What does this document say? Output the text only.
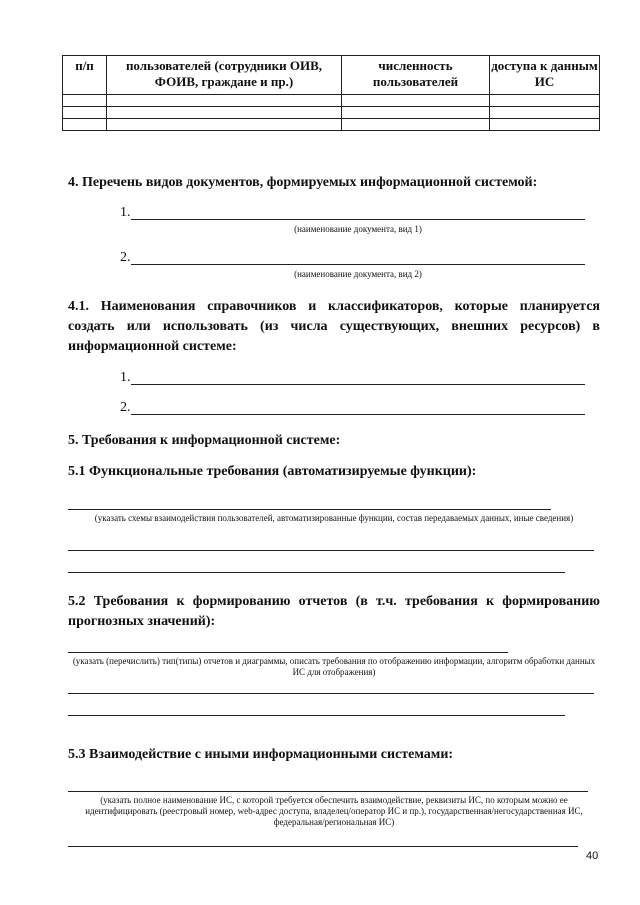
п/п	пользователей (сотрудники ОИВ, ФОИВ, граждане и пр.)	численность пользователей	доступа к данным ИС

4. Перечень видов документов, формируемых информационной системой:
1.
(наименование документа, вид 1)
2.
(наименование документа, вид 2)
4.1. Наименования справочников и классификаторов, которые планируется создать или использовать (из числа существующих, внешних ресурсов) в информационной системе:
1.
2.
5. Требования к информационной системе:
5.1 Функциональные требования (автоматизируемые функции):
(указать схемы взаимодействия пользователей, автоматизированные функции, состав передаваемых данных, иные сведения)
5.2 Требования к формированию отчетов (в т.ч. требования к формированию прогнозных значений):
(указать (перечислить) тип(типы) отчетов и диаграммы, описать требования по отображению информации, алгоритм обработки данных ИС для отображения)
5.3 Взаимодействие с иными информационными системами:
(указать полное наименование ИС, с которой требуется обеспечить взаимодействие, реквизиты ИС, по которым можно ее идентифицировать (реестровый номер, web-адрес доступа, владелец/оператор ИС и пр.), государственная/негосударственная ИС, федеральная/региональная ИС)
40
